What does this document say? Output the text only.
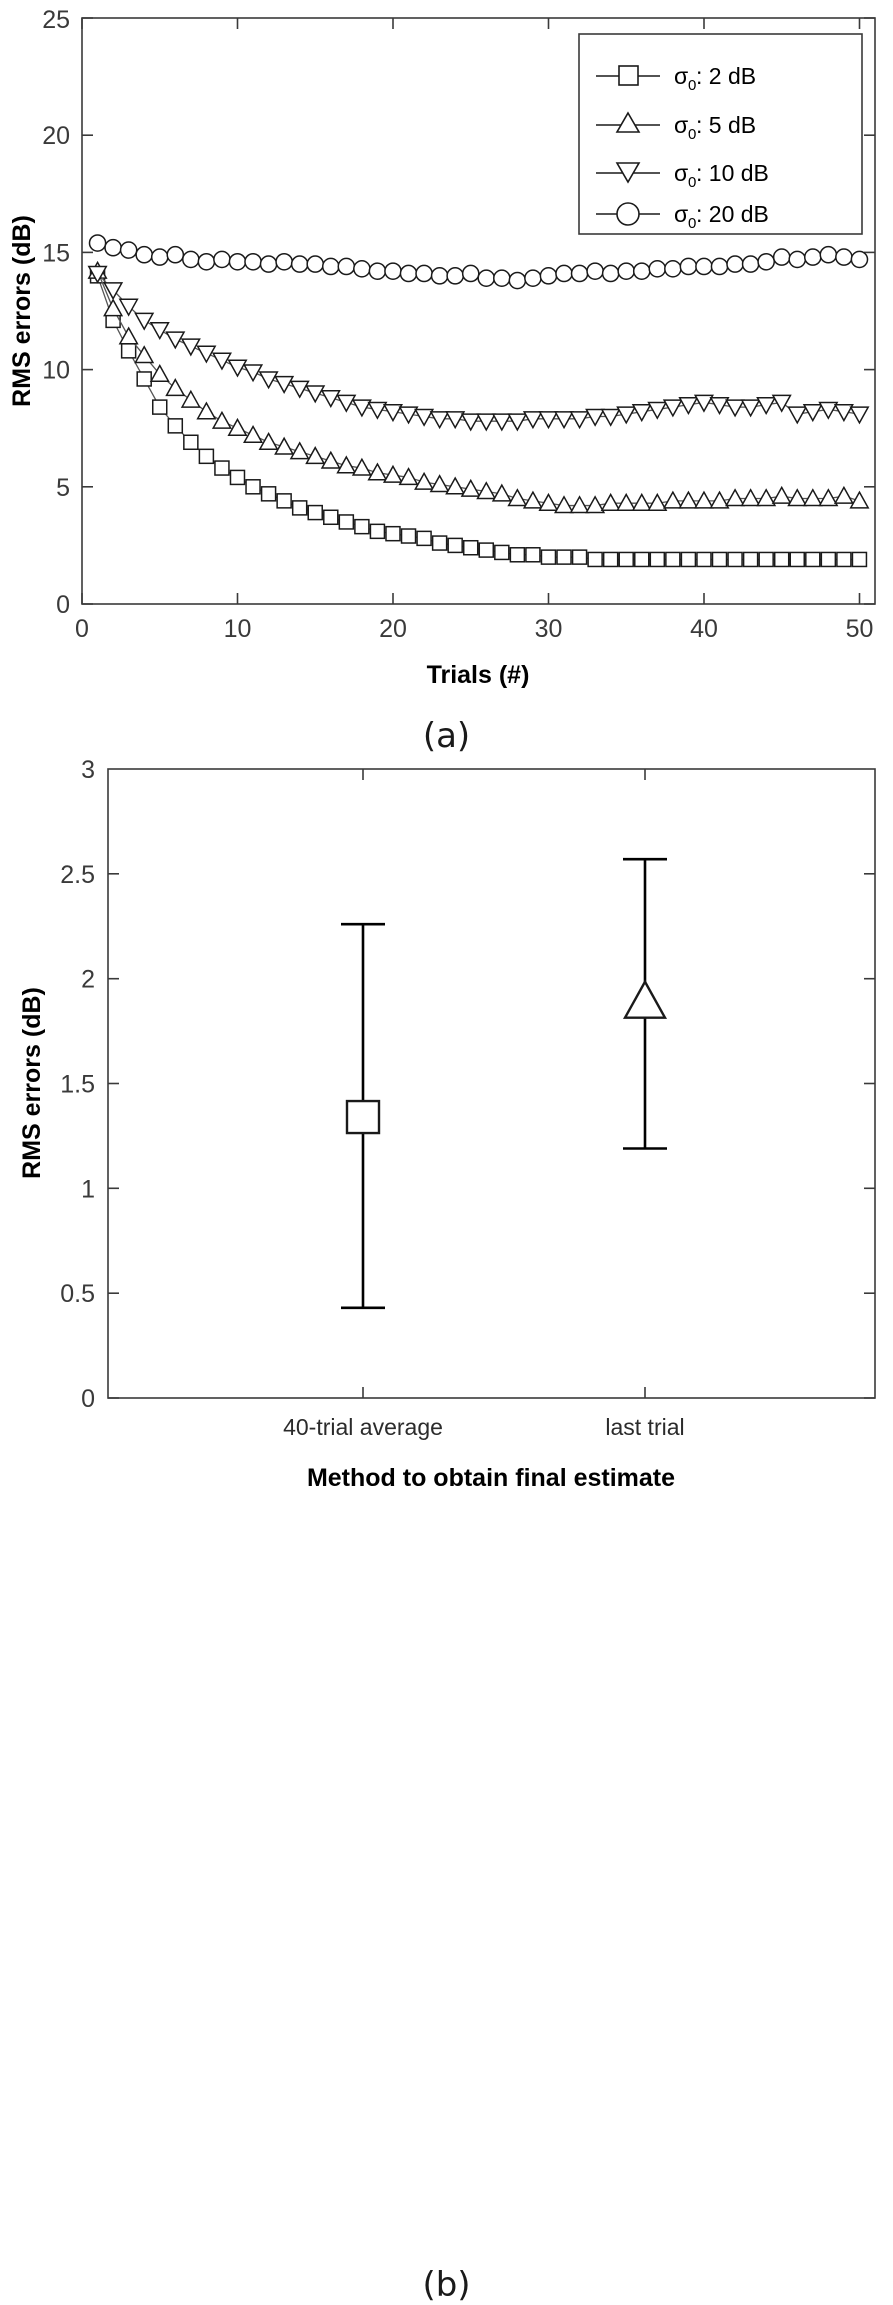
0
5
10
15
20
25
0	10	20	30	40	50
Trials (#)
RMS errors (dB)
σ 0 : 2 dB
σ 0 : 5 dB
σ 0 : 10 dB
σ 0 : 20 dB
(a)
0
0.5
1
1.5
2
2.5
3
40-trial average	last trial
Method to obtain final estimate
RMS errors (dB)
(b)
